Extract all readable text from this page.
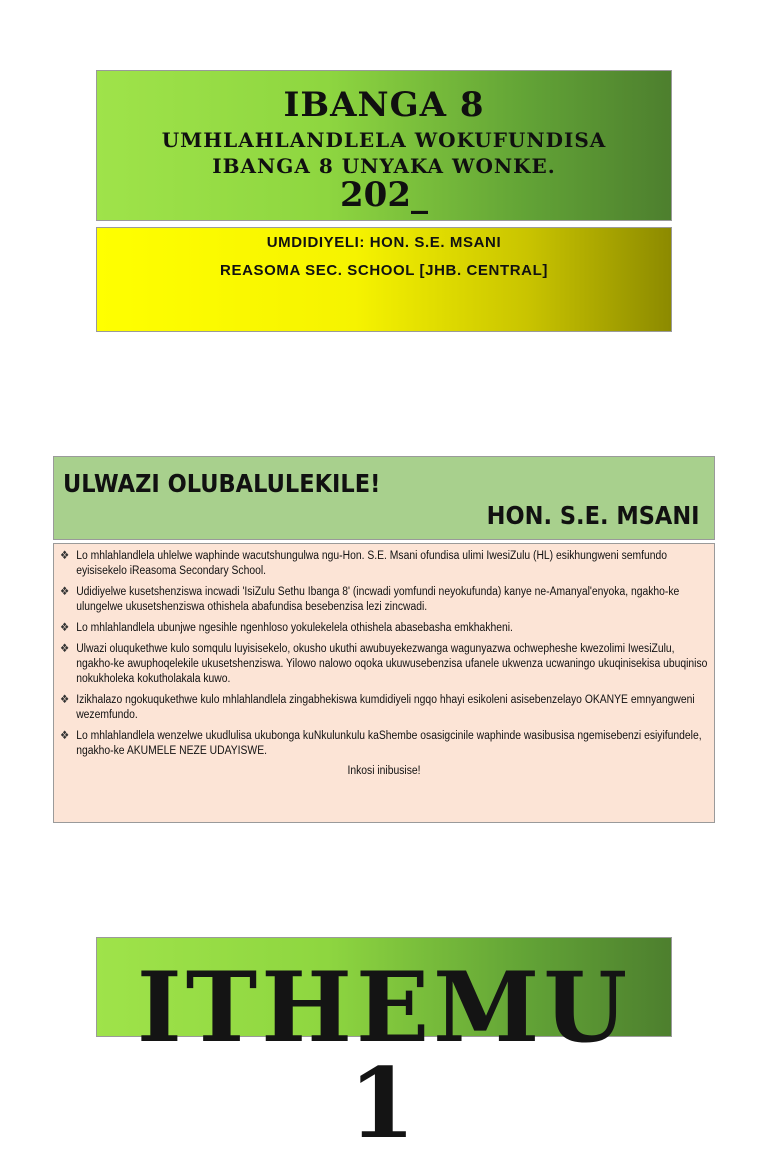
IBANGA 8
UMHLAHLANDLELA WOKUFUNDISA
IBANGA 8 UNYAKA WONKE.
202_
UMDIDIYELI: HON. S.E. MSANI
REASOMA SEC. SCHOOL [JHB. CENTRAL]
ULWAZI OLUBALULEKILE!
HON. S.E. MSANI
❖ Lo mhlahlandlela uhlelwe waphinde wacutshungulwa ngu-Hon. S.E. Msani ofundisa ulimi IwesiZulu (HL) esikhungweni semfundo eyisisekelo iReasoma Secondary School.
❖ Udidiyelwe kusetshenziswa incwadi 'IsiZulu Sethu Ibanga 8' (incwadi yomfundi neyokufunda) kanye ne-Amanyal'enyoka, ngakho-ke ulungelwe ukusetshenziswa othishela abafundisa besebenzisa lezi zincwadi.
❖ Lo mhlahlandlela ubunjwe ngesihle ngenhloso yokulekelela othishela abasebasha emkhakheni.
❖ Ulwazi oluqukethwe kulo somqulu luyisisekelo, okusho ukuthi awubuyekezwanga wagunyazwa ochwepheshe kwezolimi IwesiZulu, ngakho-ke awuphoqelekile ukusetshenziswa. Yilowo nalowo oqoka ukuwusebenzisa ufanele ukwenza ucwaningo ukuqinisekisa ubuqiniso nokukholeka kokutholakala kuwo.
❖ Izikhalazo ngokuqukethwe kulo mhlahlandlela zingabhekiswa kumdidiyeli ngqo hhayi esikoleni asisebenzelayo OKANYE emnyangweni wezemfundo.
❖ Lo mhlahlandlela wenzelwe ukudlulisa ukubonga kuNkulunkulu kaShembe osasigcinile waphinde wasibusisa ngemisebenzi esiyifundele, ngakho-ke AKUMELE NEZE UDAYISWE.
Inkosi inibusise!
ITHEMU 1
